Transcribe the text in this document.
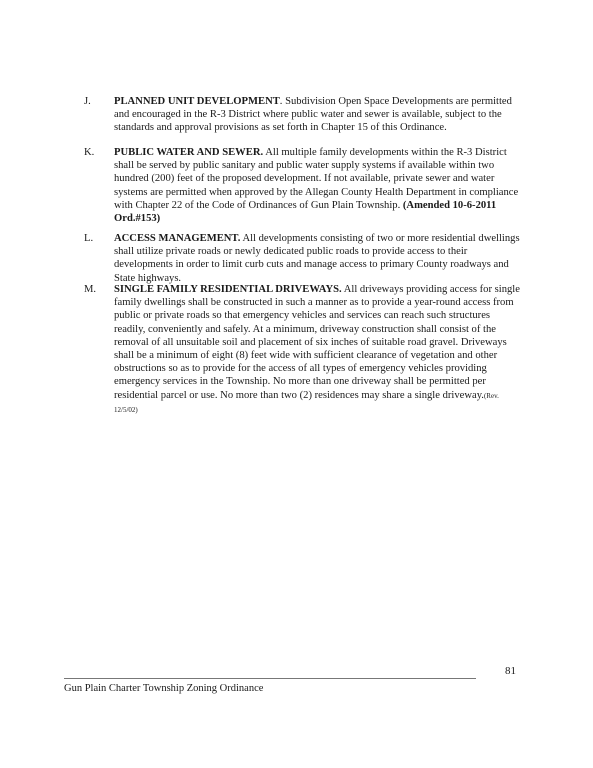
J.	PLANNED UNIT DEVELOPMENT. Subdivision Open Space Developments are permitted and encouraged in the R-3 District where public water and sewer is available, subject to the standards and approval provisions as set forth in Chapter 15 of this Ordinance.
K.	PUBLIC WATER AND SEWER. All multiple family developments within the R-3 District shall be served by public sanitary and public water supply systems if available within two hundred (200) feet of the proposed development. If not available, private sewer and water systems are permitted when approved by the Allegan County Health Department in compliance with Chapter 22 of the Code of Ordinances of Gun Plain Township. (Amended 10-6-2011 Ord.#153)
L.	ACCESS MANAGEMENT. All developments consisting of two or more residential dwellings shall utilize private roads or newly dedicated public roads to provide access to their developments in order to limit curb cuts and manage access to primary County roadways and State highways.
M.	SINGLE FAMILY RESIDENTIAL DRIVEWAYS. All driveways providing access for single family dwellings shall be constructed in such a manner as to provide a year-round access from public or private roads so that emergency vehicles and services can reach such structures readily, conveniently and safely. At a minimum, driveway construction shall consist of the removal of all unsuitable soil and placement of six inches of suitable road gravel. Driveways shall be a minimum of eight (8) feet wide with sufficient clearance of vegetation and other obstructions so as to provide for the access of all types of emergency vehicles providing emergency services in the Township. No more than one driveway shall be permitted per residential parcel or use. No more than two (2) residences may share a single driveway.(Rev. 12/5/02)
81
Gun Plain Charter Township Zoning Ordinance
